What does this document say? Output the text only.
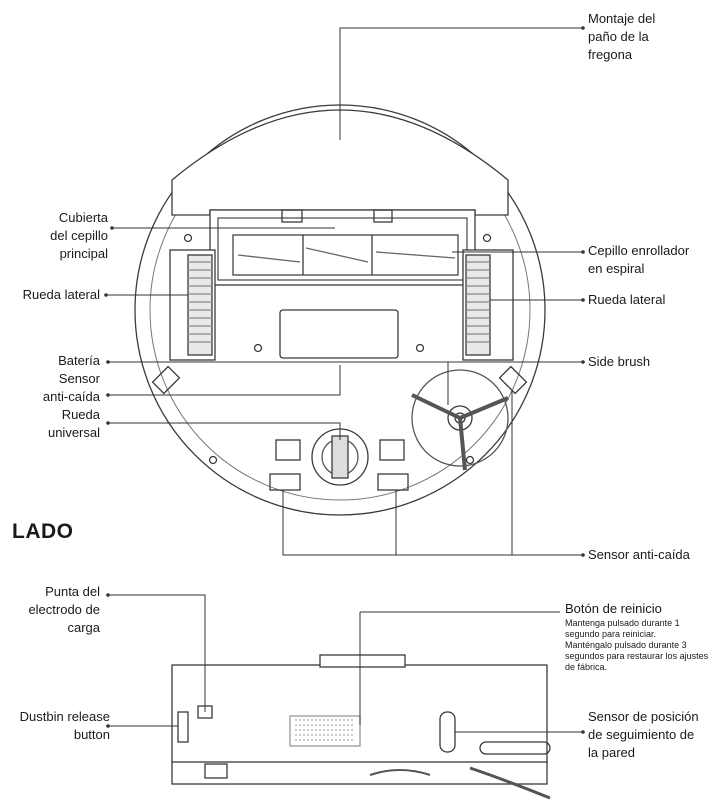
Montaje del
paño de la
fregona
Cubierta
del cepillo
principal	Cepillo enrollador
en espiral
Rueda lateral	Rueda lateral
Batería
Sensor
anti-caída
Rueda
universal
Side brush
LADO
Sensor anti-caída
Punta del
electrodo de
carga
Botón de reinicio
Mantenga pulsado durante 1
segundo para reiniciar.
Manténgalo pulsado durante 3
segundos para restaurar los ajustes
de fábrica.
Dustbin release
button
Sensor de posición
de seguimiento de
la pared
